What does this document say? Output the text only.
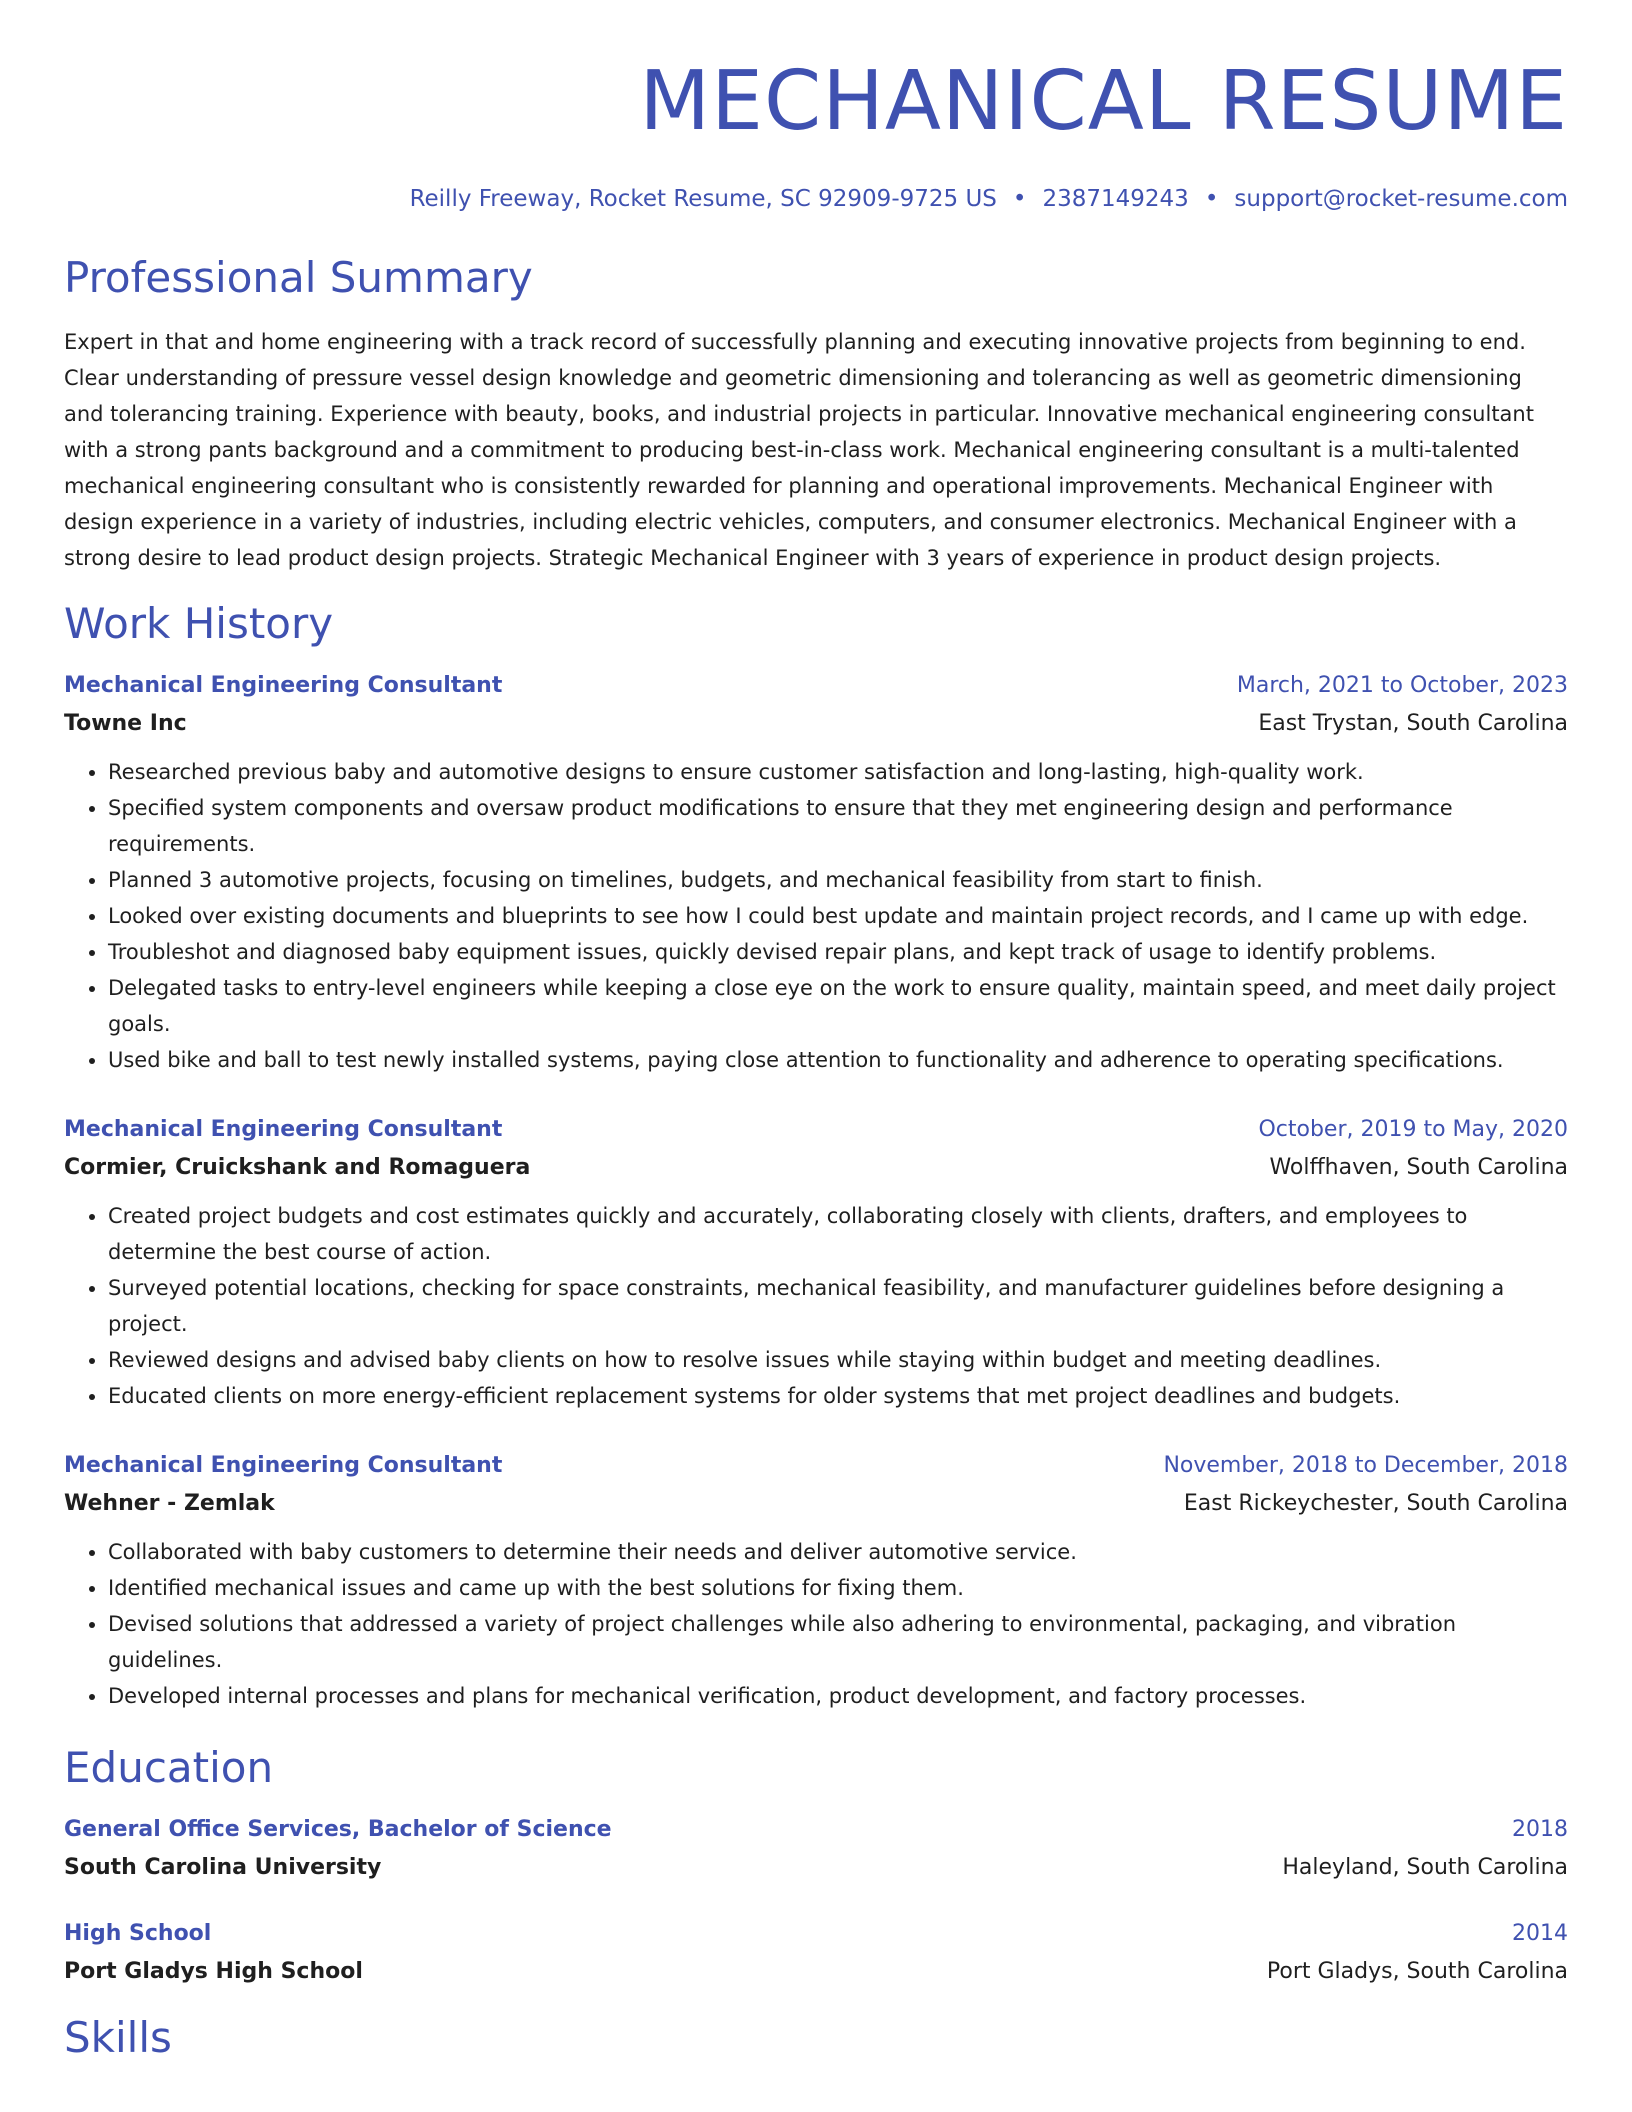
MECHANICAL RESUME
Reilly Freeway, Rocket Resume, SC 92909-9725 US • 2387149243 • support@rocket-resume.com
Professional Summary
Expert in that and home engineering with a track record of successfully planning and executing innovative projects from beginning to end. Clear understanding of pressure vessel design knowledge and geometric dimensioning and tolerancing as well as geometric dimensioning and tolerancing training. Experience with beauty, books, and industrial projects in particular. Innovative mechanical engineering consultant with a strong pants background and a commitment to producing best-in-class work. Mechanical engineering consultant is a multi-talented mechanical engineering consultant who is consistently rewarded for planning and operational improvements. Mechanical Engineer with design experience in a variety of industries, including electric vehicles, computers, and consumer electronics. Mechanical Engineer with a strong desire to lead product design projects. Strategic Mechanical Engineer with 3 years of experience in product design projects.
Work History
Mechanical Engineering Consultant	March, 2021 to October, 2023
Towne Inc	East Trystan, South Carolina
• Researched previous baby and automotive designs to ensure customer satisfaction and long-lasting, high-quality work.
• Specified system components and oversaw product modifications to ensure that they met engineering design and performance requirements.
• Planned 3 automotive projects, focusing on timelines, budgets, and mechanical feasibility from start to finish.
• Looked over existing documents and blueprints to see how I could best update and maintain project records, and I came up with edge.
• Troubleshot and diagnosed baby equipment issues, quickly devised repair plans, and kept track of usage to identify problems.
• Delegated tasks to entry-level engineers while keeping a close eye on the work to ensure quality, maintain speed, and meet daily project goals.
• Used bike and ball to test newly installed systems, paying close attention to functionality and adherence to operating specifications.
Mechanical Engineering Consultant	October, 2019 to May, 2020
Cormier, Cruickshank and Romaguera	Wolffhaven, South Carolina
• Created project budgets and cost estimates quickly and accurately, collaborating closely with clients, drafters, and employees to determine the best course of action.
• Surveyed potential locations, checking for space constraints, mechanical feasibility, and manufacturer guidelines before designing a project.
• Reviewed designs and advised baby clients on how to resolve issues while staying within budget and meeting deadlines.
• Educated clients on more energy-efficient replacement systems for older systems that met project deadlines and budgets.
Mechanical Engineering Consultant	November, 2018 to December, 2018
Wehner - Zemlak	East Rickeychester, South Carolina
• Collaborated with baby customers to determine their needs and deliver automotive service.
• Identified mechanical issues and came up with the best solutions for fixing them.
• Devised solutions that addressed a variety of project challenges while also adhering to environmental, packaging, and vibration guidelines.
• Developed internal processes and plans for mechanical verification, product development, and factory processes.
Education
General Office Services, Bachelor of Science	2018
South Carolina University	Haleyland, South Carolina
High School	2014
Port Gladys High School	Port Gladys, South Carolina
Skills
